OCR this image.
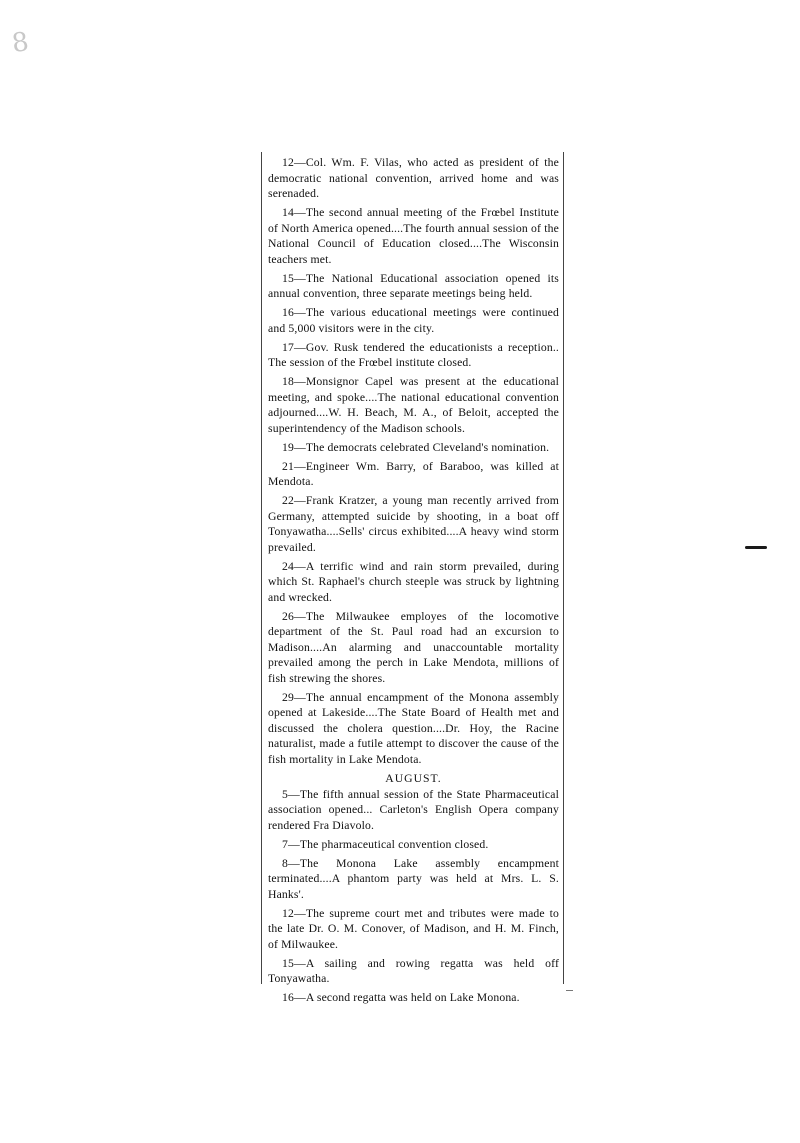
8

12—Col. Wm. F. Vilas, who acted as president of the democratic national convention, arrived home and was serenaded.

14—The second annual meeting of the Frœbel Institute of North America opened....The fourth annual session of the National Council of Education closed....The Wisconsin teachers met.

15—The National Educational association opened its annual convention, three separate meetings being held.

16—The various educational meetings were continued and 5,000 visitors were in the city.

17—Gov. Rusk tendered the educationists a reception.. The session of the Frœbel institute closed.

18—Monsignor Capel was present at the educational meeting, and spoke....The national educational convention adjourned....W. H. Beach, M. A., of Beloit, accepted the superintendency of the Madison schools.

19—The democrats celebrated Cleveland's nomination.

21—Engineer Wm. Barry, of Baraboo, was killed at Mendota.

22—Frank Kratzer, a young man recently arrived from Germany, attempted suicide by shooting, in a boat off Tonyawatha....Sells' circus exhibited....A heavy wind storm prevailed.

24—A terrific wind and rain storm prevailed, during which St. Raphael's church steeple was struck by lightning and wrecked.

26—The Milwaukee employes of the locomotive department of the St. Paul road had an excursion to Madison....An alarming and unaccountable mortality prevailed among the perch in Lake Mendota, millions of fish strewing the shores.

29—The annual encampment of the Monona assembly opened at Lakeside....The State Board of Health met and discussed the cholera question....Dr. Hoy, the Racine naturalist, made a futile attempt to discover the cause of the fish mortality in Lake Mendota.

AUGUST.

5—The fifth annual session of the State Pharmaceutical association opened... Carleton's English Opera company rendered Fra Diavolo.

7—The pharmaceutical convention closed.

8—The Monona Lake assembly encampment terminated....A phantom party was held at Mrs. L. S. Hanks'.

12—The supreme court met and tributes were made to the late Dr. O. M. Conover, of Madison, and H. M. Finch, of Milwaukee.

15—A sailing and rowing regatta was held off Tonyawatha.

16—A second regatta was held on Lake Monona.
